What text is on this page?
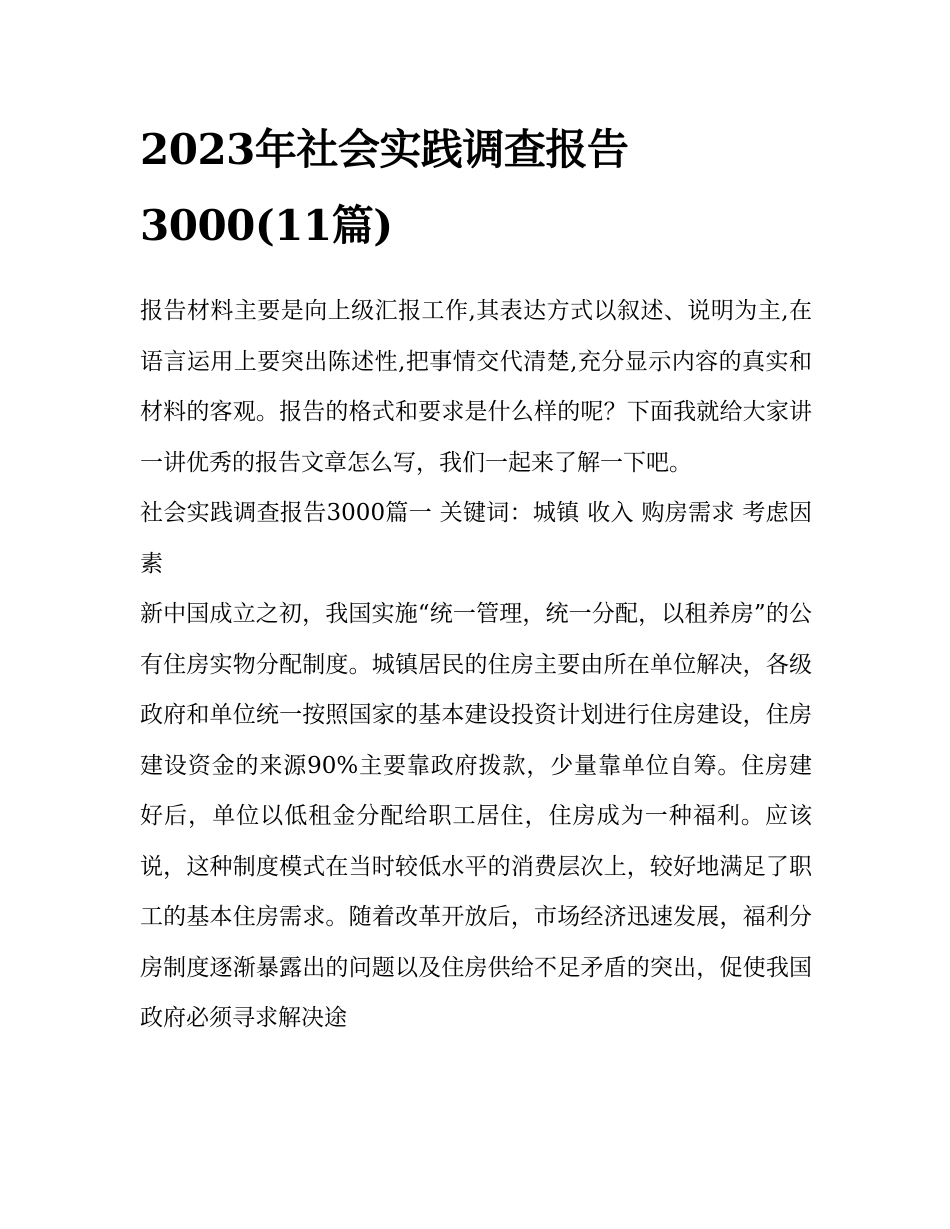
2023年社会实践调查报告3000(11篇)

报告材料主要是向上级汇报工作,其表达方式以叙述、说明为主,在语言运用上要突出陈述性,把事情交代清楚,充分显示内容的真实和材料的客观。报告的格式和要求是什么样的呢？下面我就给大家讲一讲优秀的报告文章怎么写，我们一起来了解一下吧。

社会实践调查报告3000篇一 关键词：城镇 收入 购房需求 考虑因素

新中国成立之初，我国实施“统一管理，统一分配，以租养房”的公有住房实物分配制度。城镇居民的住房主要由所在单位解决，各级政府和单位统一按照国家的基本建设投资计划进行住房建设，住房建设资金的来源90%主要靠政府拨款，少量靠单位自筹。住房建好后，单位以低租金分配给职工居住，住房成为一种福利。应该说，这种制度模式在当时较低水平的消费层次上，较好地满足了职工的基本住房需求。随着改革开放后，市场经济迅速发展，福利分房制度逐渐暴露出的问题以及住房供给不足矛盾的突出，促使我国政府必须寻求解决途
